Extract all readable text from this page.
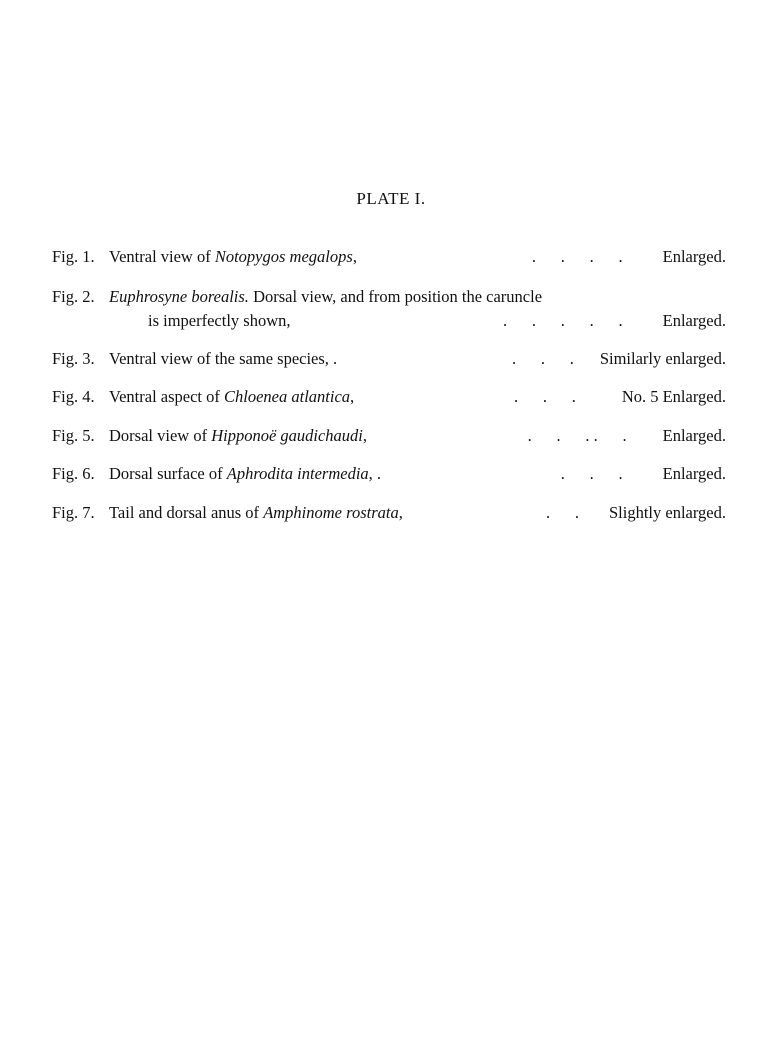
PLATE I.
Fig. 1. Ventral view of Notopygos megalops,	.      .      .      . Enlarged.
Fig. 2. Euphrosyne borealis. Dorsal view, and from position the caruncle
is imperfectly shown,	.      .      .      .      . Enlarged.
Fig. 3. Ventral view of the same species, .	.      .      . Similarly enlarged.
Fig. 4. Ventral aspect of Chloenea atlantica,	.      .      .	No. 5 Enlarged.
Fig. 5. Dorsal view of Hipponoë gaudichaudi,	.      .      . .      . Enlarged.
Fig. 6. Dorsal surface of Aphrodita intermedia, .	.      .      . Enlarged.
Fig. 7. Tail and dorsal anus of Amphinome rostrata,	.      . Slightly enlarged.
